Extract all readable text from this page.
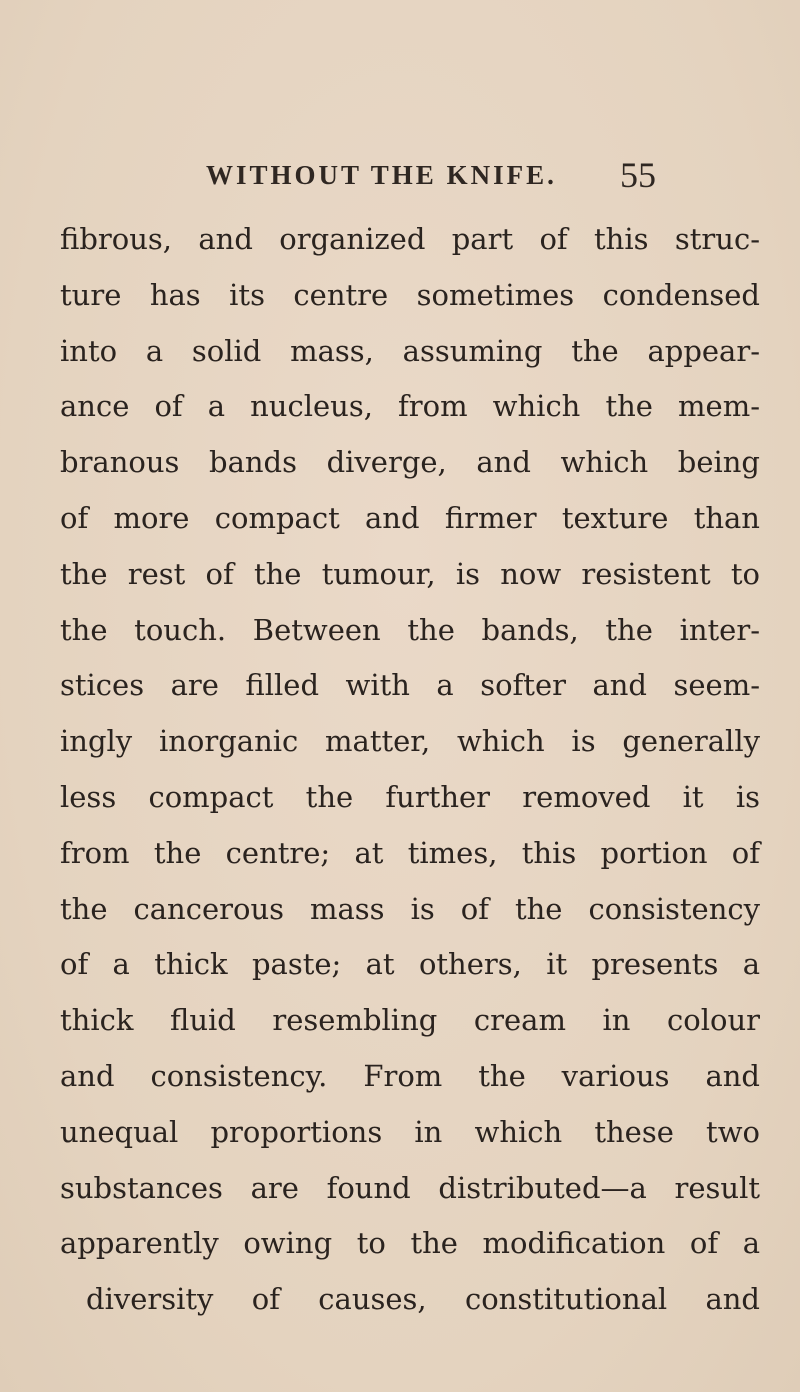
WITHOUT THE KNIFE. 55
fibrous, and organized part of this struc-
ture has its centre sometimes condensed
into a solid mass, assuming the appear-
ance of a nucleus, from which the mem-
branous bands diverge, and which being
of more compact and firmer texture than
the rest of the tumour, is now resistent to
the touch. Between the bands, the inter-
stices are filled with a softer and seem-
ingly inorganic matter, which is generally
less compact the further removed it is
from the centre; at times, this portion of
the cancerous mass is of the consistency
of a thick paste; at others, it presents a
thick fluid resembling cream in colour
and consistency. From the various and
unequal proportions in which these two
substances are found distributed—a result
apparently owing to the modification of a
diversity of causes, constitutional and
